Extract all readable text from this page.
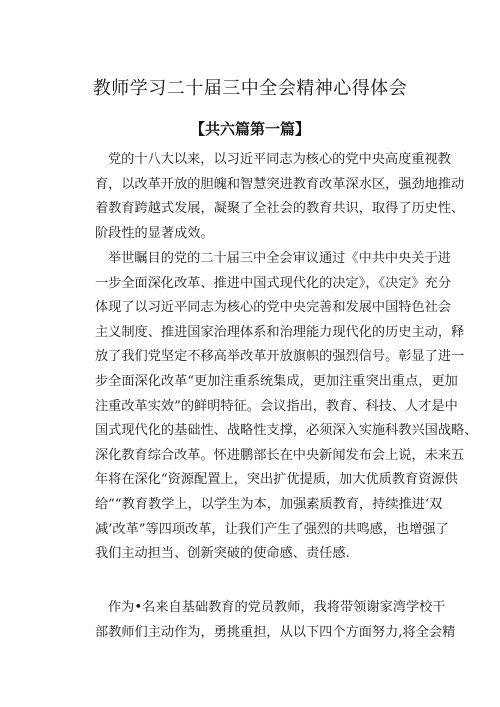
教师学习二十届三中全会精神心得体会
【共六篇第一篇】
党的十八大以来，以习近平同志为核心的党中央高度重视教
育，以改革开放的胆魄和智慧突进教育改革深水区，强劲地推动
着教育跨越式发展，凝聚了全社会的教育共识，取得了历史性、
阶段性的显著成效。
举世瞩目的党的二十届三中全会审议通过《中共中央关于进
一步全面深化改革、推进中国式现代化的决定》，《决定》充分
体现了以习近平同志为核心的党中央完善和发展中国特色社会
主义制度、推进国家治理体系和治理能力现代化的历史主动，释
放了我们党坚定不移高举改革开放旗帜的强烈信号。彰显了进一
步全面深化改革“更加注重系统集成，更加注重突出重点，更加
注重改革实效”的鲜明特征。会议指出，教育、科技、人才是中
国式现代化的基础性、战略性支撑，必须深入实施科教兴国战略、
深化教育综合改革。怀进鹏部长在中央新闻发布会上说，未来五
年将在深化“资源配置上，突出扩优提质，加大优质教育资源供
给”“教育教学上，以学生为本，加强素质教育，持续推进‘双
减’改革”等四项改革，让我们产生了强烈的共鸣感，也增强了
我们主动担当、创新突破的使命感、责任感.
作为•名来自基础教育的党员教师，我将带领谢家湾学校干
部教师们主动作为，勇挑重担，从以下四个方面努力,将全会精
